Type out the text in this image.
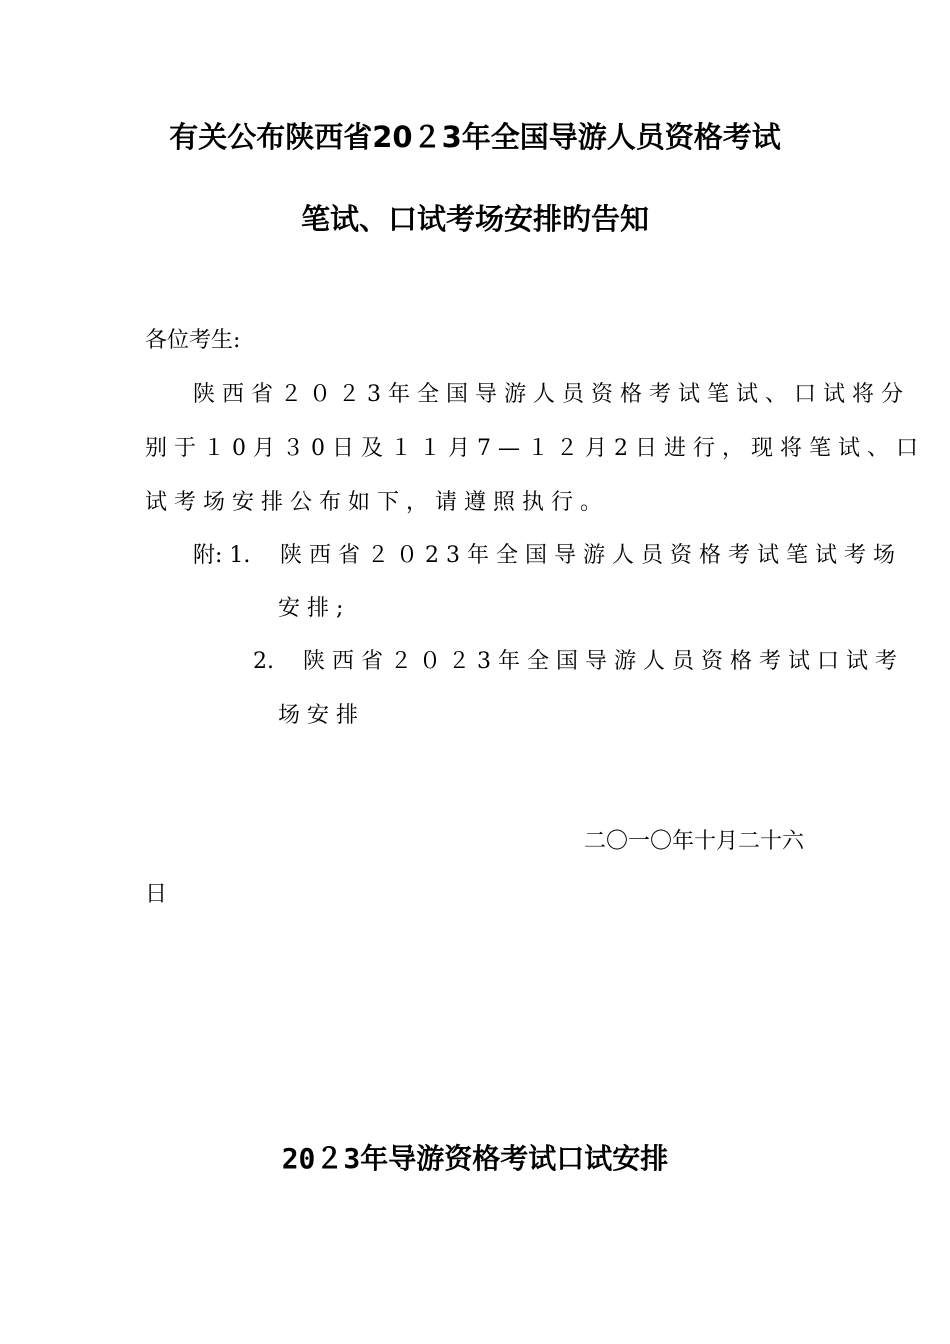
有关公布陕西省20２3年全国导游人员资格考试
笔试、口试考场安排旳告知
各位考生:
陕西省２０２3年全国导游人员资格考试笔试、口试将分
别于１0月３0日及１１月7—１２月2日进行，现将笔试、口
试考场安排公布如下，请遵照执行。
附: 1. 陕西省２０23年全国导游人员资格考试笔试考场
安排;
2. 陕西省２０２3年全国导游人员资格考试口试考
场安排
二〇一〇年十月二十六
日
20２3年导游资格考试口试安排
